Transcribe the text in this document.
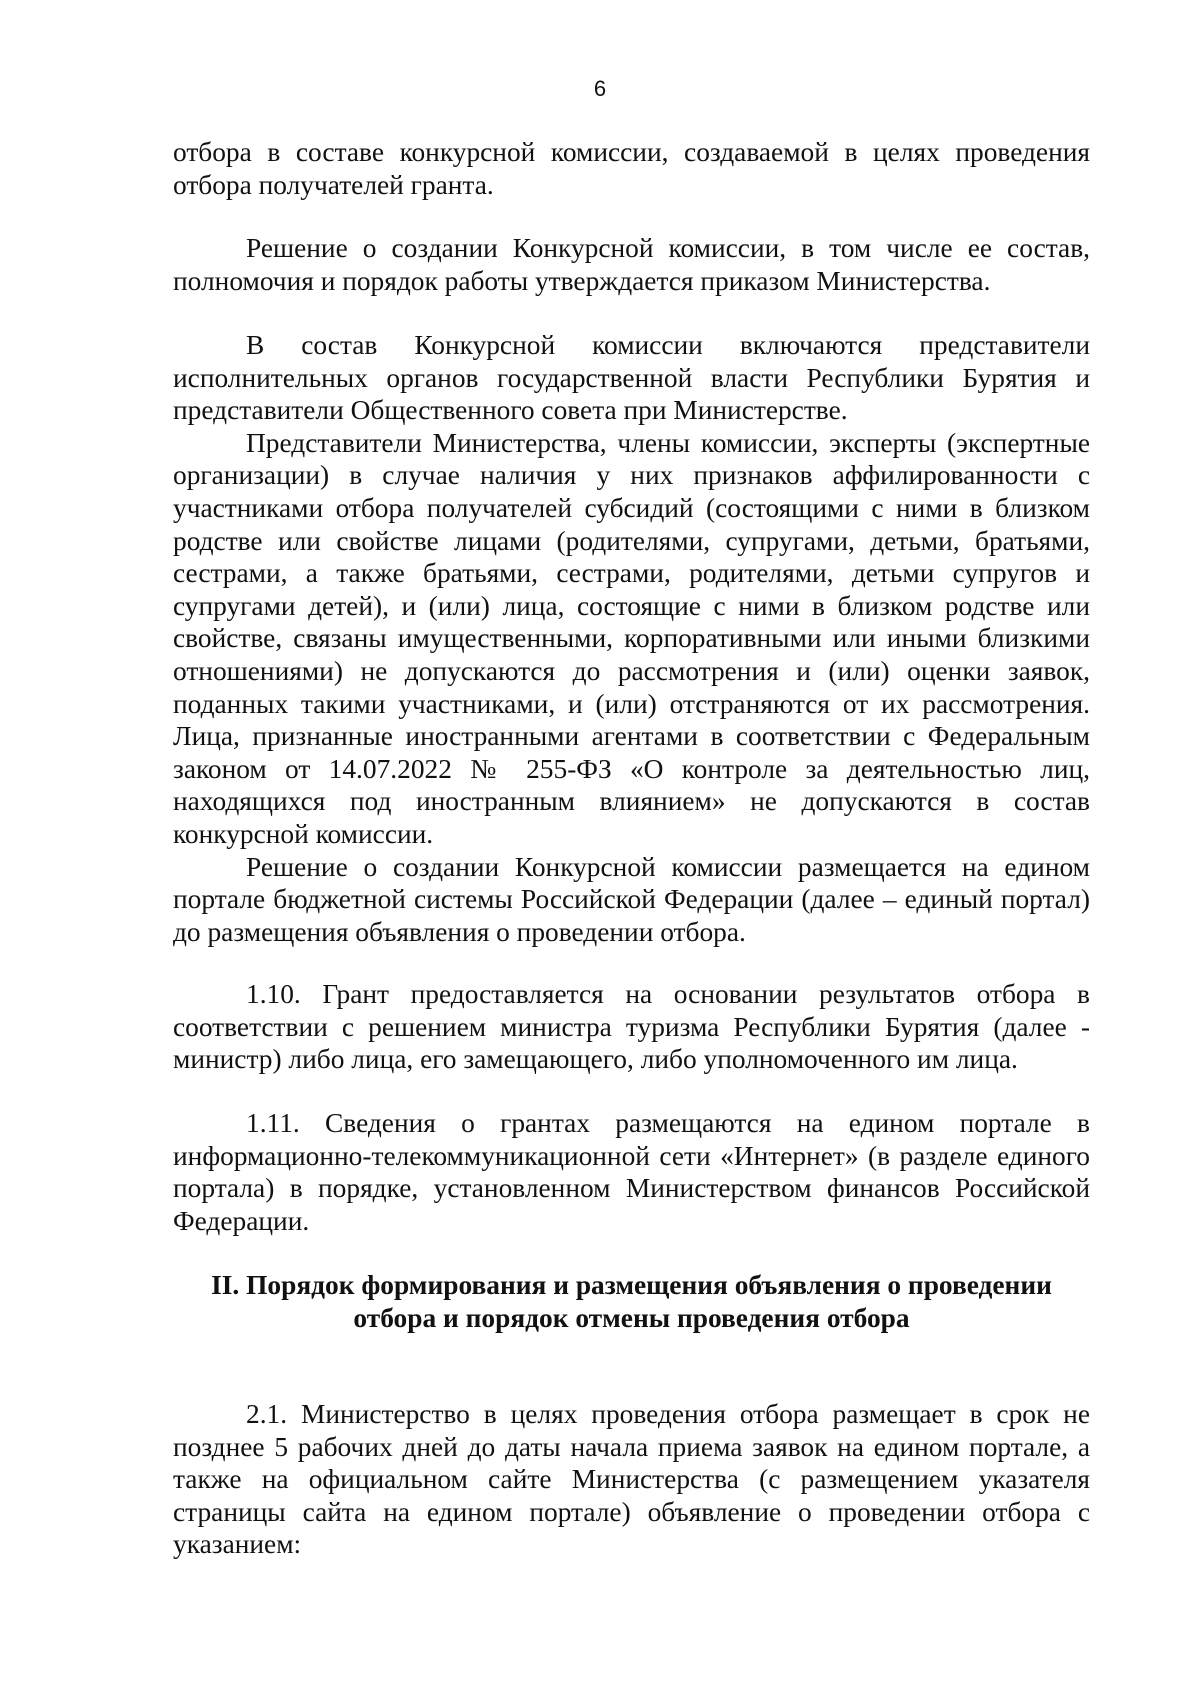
6

отбора в составе конкурсной комиссии, создаваемой в целях проведения отбора получателей гранта.

Решение о создании Конкурсной комиссии, в том числе ее состав, полномочия и порядок работы утверждается приказом Министерства.

В состав Конкурсной комиссии включаются представители исполнительных органов государственной власти Республики Бурятия и представители Общественного совета при Министерстве.

Представители Министерства, члены комиссии, эксперты (экспертные организации) в случае наличия у них признаков аффилированности с участниками отбора получателей субсидий (состоящими с ними в близком родстве или свойстве лицами (родителями, супругами, детьми, братьями, сестрами, а также братьями, сестрами, родителями, детьми супругов и супругами детей), и (или) лица, состоящие с ними в близком родстве или свойстве, связаны имущественными, корпоративными или иными близкими отношениями) не допускаются до рассмотрения и (или) оценки заявок, поданных такими участниками, и (или) отстраняются от их рассмотрения. Лица, признанные иностранными агентами в соответствии с Федеральным законом от 14.07.2022 № 255-ФЗ «О контроле за деятельностью лиц, находящихся под иностранным влиянием» не допускаются в состав конкурсной комиссии.

Решение о создании Конкурсной комиссии размещается на едином портале бюджетной системы Российской Федерации (далее – единый портал) до размещения объявления о проведении отбора.

1.10. Грант предоставляется на основании результатов отбора в соответствии с решением министра туризма Республики Бурятия (далее - министр) либо лица, его замещающего, либо уполномоченного им лица.

1.11. Сведения о грантах размещаются на едином портале в информационно-телекоммуникационной сети «Интернет» (в разделе единого портала) в порядке, установленном Министерством финансов Российской Федерации.

II. Порядок формирования и размещения объявления о проведении
отбора и порядок отмены проведения отбора

2.1. Министерство в целях проведения отбора размещает в срок не позднее 5 рабочих дней до даты начала приема заявок на едином портале, а также на официальном сайте Министерства (с размещением указателя страницы сайта на едином портале) объявление о проведении отбора с указанием:
